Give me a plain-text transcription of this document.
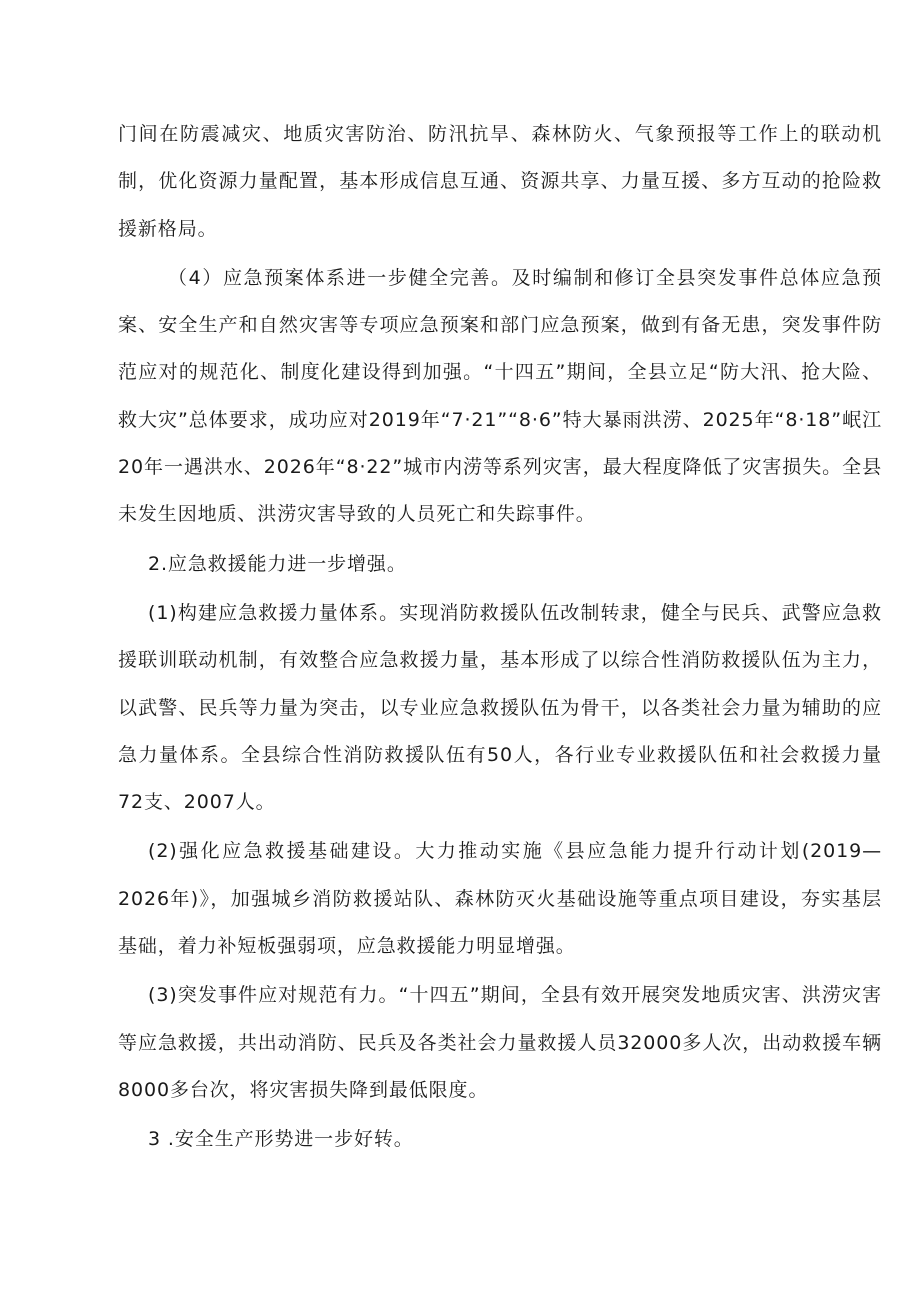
门间在防震减灾、地质灾害防治、防汛抗旱、森林防火、气象预报等工作上的联动机制，优化资源力量配置，基本形成信息互通、资源共享、力量互援、多方互动的抢险救援新格局。

（4）应急预案体系进一步健全完善。及时编制和修订全县突发事件总体应急预案、安全生产和自然灾害等专项应急预案和部门应急预案，做到有备无患，突发事件防范应对的规范化、制度化建设得到加强。“十四五”期间，全县立足“防大汛、抢大险、救大灾”总体要求，成功应对2019年“7·21”“8·6”特大暴雨洪涝、2025年“8·18”岷江20年一遇洪水、2026年“8·22”城市内涝等系列灾害，最大程度降低了灾害损失。全县未发生因地质、洪涝灾害导致的人员死亡和失踪事件。

2.应急救援能力进一步增强。

(1)构建应急救援力量体系。实现消防救援队伍改制转隶，健全与民兵、武警应急救援联训联动机制，有效整合应急救援力量，基本形成了以综合性消防救援队伍为主力，以武警、民兵等力量为突击，以专业应急救援队伍为骨干，以各类社会力量为辅助的应急力量体系。全县综合性消防救援队伍有50人，各行业专业救援队伍和社会救援力量72支、2007人。

(2)强化应急救援基础建设。大力推动实施《县应急能力提升行动计划(2019—2026年)》，加强城乡消防救援站队、森林防灭火基础设施等重点项目建设，夯实基层基础，着力补短板强弱项，应急救援能力明显增强。

(3)突发事件应对规范有力。“十四五”期间，全县有效开展突发地质灾害、洪涝灾害等应急救援，共出动消防、民兵及各类社会力量救援人员32000多人次，出动救援车辆8000多台次，将灾害损失降到最低限度。

3 .安全生产形势进一步好转。
